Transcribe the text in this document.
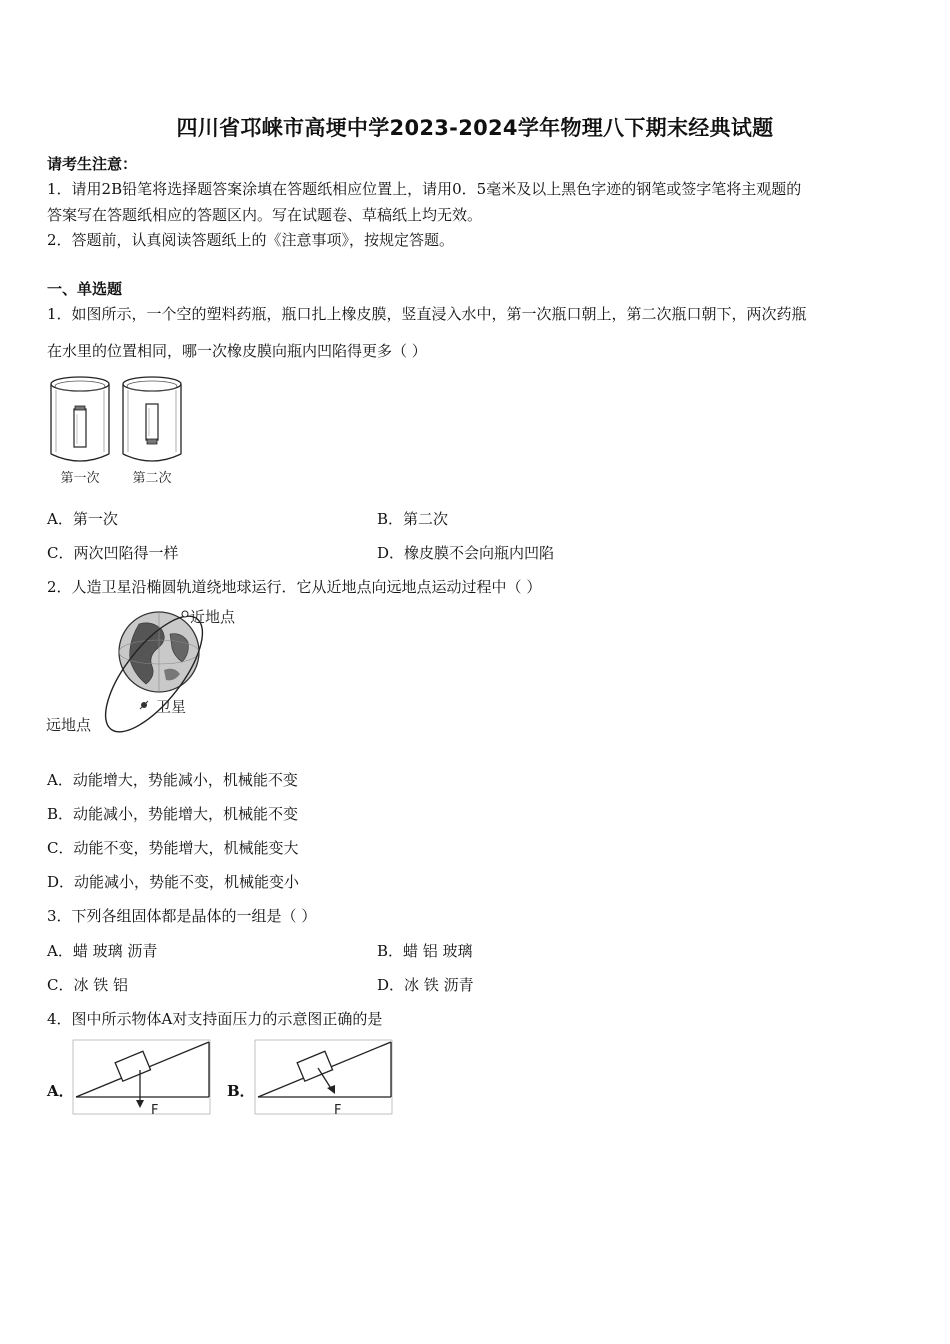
四川省邛崃市高埂中学2023-2024学年物理八下期末经典试题
请考生注意：
1．请用2B铅笔将选择题答案涂填在答题纸相应位置上，请用0．5毫米及以上黑色字迹的钢笔或签字笔将主观题的
答案写在答题纸相应的答题区内。写在试题卷、草稿纸上均无效。
2．答题前，认真阅读答题纸上的《注意事项》，按规定答题。
一、单选题
1．如图所示，一个空的塑料药瓶，瓶口扎上橡皮膜，竖直浸入水中，第一次瓶口朝上，第二次瓶口朝下，两次药瓶
在水里的位置相同，哪一次橡皮膜向瓶内凹陷得更多（ ）
第一次	第二次
A．第一次	B．第二次
C．两次凹陷得一样	D．橡皮膜不会向瓶内凹陷
2．人造卫星沿椭圆轨道绕地球运行．它从近地点向远地点运动过程中（ ）
近地点
卫星
远地点
A．动能增大，势能减小，机械能不变
B．动能减小，势能增大，机械能不变
C．动能不变，势能增大，机械能变大
D．动能减小，势能不变，机械能变小
3．下列各组固体都是晶体的一组是（ ）
A．蜡 玻璃 沥青	B．蜡 铝 玻璃
C．冰 铁 铝	D．冰 铁 沥青
4．图中所示物体A对支持面压力的示意图正确的是
A．
F
B．
F
